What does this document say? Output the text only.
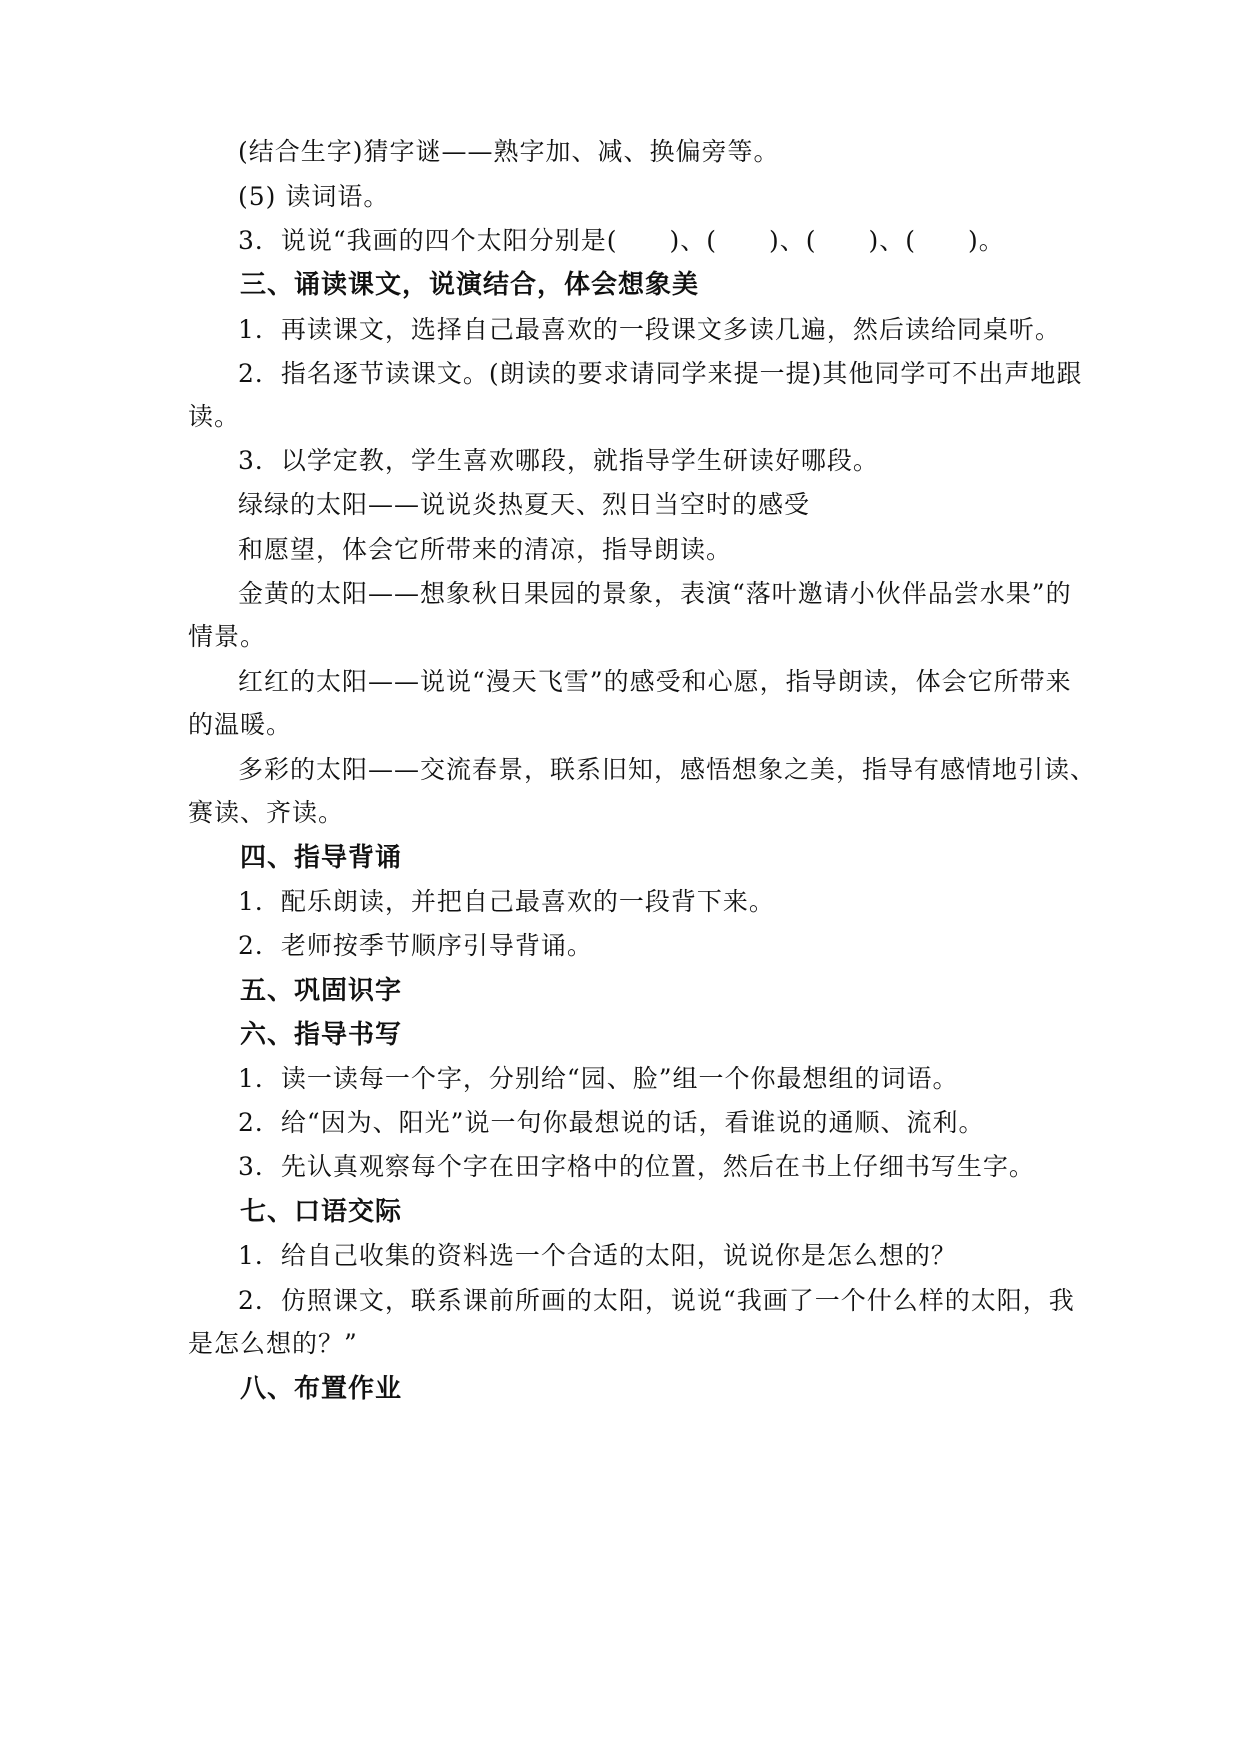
(结合生字)猜字谜——熟字加、减、换偏旁等。
(5) 读词语。
3．说说“我画的四个太阳分别是(　　)、(　　)、(　　)、(　　)。
三、诵读课文，说演结合，体会想象美
1．再读课文，选择自己最喜欢的一段课文多读几遍，然后读给同桌听。
2．指名逐节读课文。(朗读的要求请同学来提一提)其他同学可不出声地跟
读。
3．以学定教，学生喜欢哪段，就指导学生研读好哪段。
绿绿的太阳——说说炎热夏天、烈日当空时的感受
和愿望，体会它所带来的清凉，指导朗读。
金黄的太阳——想象秋日果园的景象，表演“落叶邀请小伙伴品尝水果”的
情景。
红红的太阳——说说“漫天飞雪”的感受和心愿，指导朗读，体会它所带来
的温暖。
多彩的太阳——交流春景，联系旧知，感悟想象之美，指导有感情地引读、
赛读、齐读。
四、指导背诵
1．配乐朗读，并把自己最喜欢的一段背下来。
2．老师按季节顺序引导背诵。
五、巩固识字
六、指导书写
1．读一读每一个字，分别给“园、脸”组一个你最想组的词语。
2．给“因为、阳光”说一句你最想说的话，看谁说的通顺、流利。
3．先认真观察每个字在田字格中的位置，然后在书上仔细书写生字。
七、口语交际
1．给自己收集的资料选一个合适的太阳，说说你是怎么想的？
2．仿照课文，联系课前所画的太阳，说说“我画了一个什么样的太阳，我
是怎么想的？”
八、布置作业
